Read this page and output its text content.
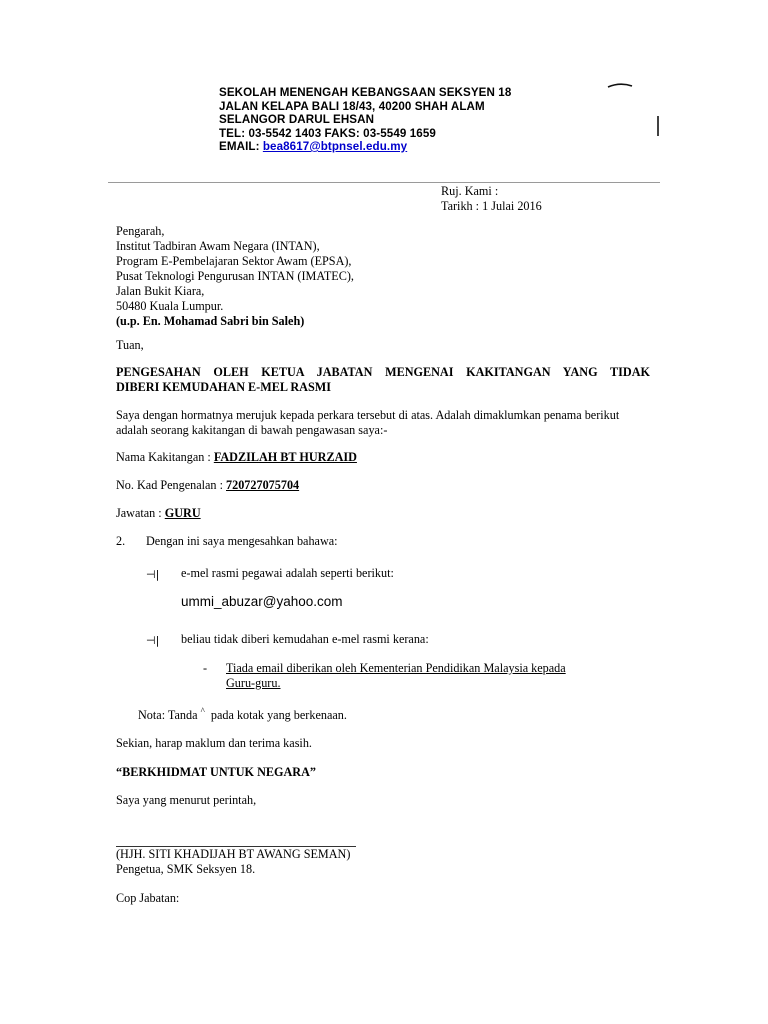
SEKOLAH MENENGAH KEBANGSAAN SEKSYEN 18
JALAN KELAPA BALI 18/43, 40200 SHAH ALAM
SELANGOR DARUL EHSAN
TEL: 03-5542 1403 FAKS: 03-5549 1659
EMAIL: bea8617@btpnsel.edu.my
Ruj. Kami :
Tarikh : 1 Julai 2016
Pengarah,
Institut Tadbiran Awam Negara (INTAN),
Program E-Pembelajaran Sektor Awam (EPSA),
Pusat Teknologi Pengurusan INTAN (IMATEC),
Jalan Bukit Kiara,
50480 Kuala Lumpur.
(u.p. En. Mohamad Sabri bin Saleh)
Tuan,
PENGESAHAN OLEH KETUA JABATAN MENGENAI KAKITANGAN YANG TIDAK
DIBERI KEMUDAHAN E-MEL RASMI
Saya dengan hormatnya merujuk kepada perkara tersebut di atas. Adalah dimaklumkan penama berikut
adalah seorang kakitangan di bawah pengawasan saya:-
Nama Kakitangan : FADZILAH BT HURZAID
No. Kad Pengenalan : 720727075704
Jawatan : GURU
2. Dengan ini saya mengesahkan bahawa:
⊣| e-mel rasmi pegawai adalah seperti berikut:
ummi_abuzar@yahoo.com
⊣| beliau tidak diberi kemudahan e-mel rasmi kerana:
- Tiada email diberikan oleh Kementerian Pendidikan Malaysia kepada
Guru-guru.
Nota: Tanda ^  pada kotak yang berkenaan.
Sekian, harap maklum dan terima kasih.
“BERKHIDMAT UNTUK NEGARA”
Saya yang menurut perintah,
(HJH. SITI KHADIJAH BT AWANG SEMAN)
Pengetua, SMK Seksyen 18.
Cop Jabatan:
